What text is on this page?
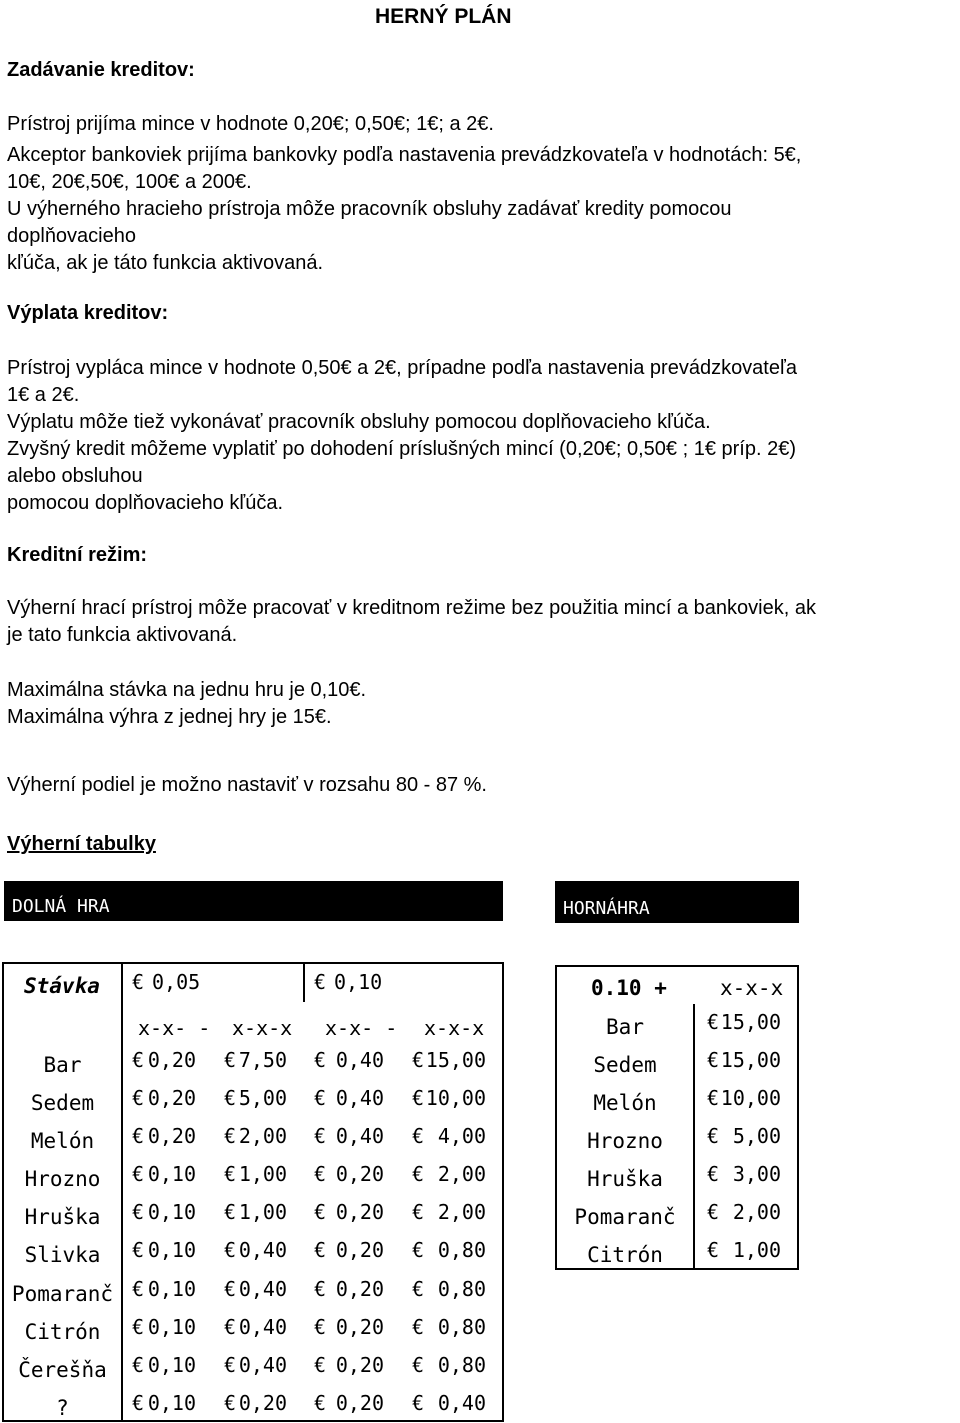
HERNÝ PLÁN
Zadávanie kreditov:
Prístroj prijíma mince v hodnote 0,20€; 0,50€; 1€; a 2€.
Akceptor bankoviek prijíma bankovky podľa nastavenia prevádzkovateľa v hodnotách: 5€,
10€, 20€,50€, 100€ a 200€.
U výherného hracieho prístroja môže pracovník obsluhy zadávať kredity pomocou
doplňovacieho
kľúča, ak je táto funkcia aktivovaná.
Výplata kreditov:
Prístroj vypláca mince v hodnote 0,50€ a 2€, prípadne podľa nastavenia prevádzkovateľa
1€ a 2€.
Výplatu môže tiež vykonávať pracovník obsluhy pomocou doplňovacieho kľúča.
Zvyšný kredit môžeme vyplatiť po dohodení príslušných mincí (0,20€; 0,50€ ; 1€ príp. 2€)
alebo obsluhou
pomocou doplňovacieho kľúča.
Kreditní režim:
Výherní hrací prístroj môže pracovať v kreditnom režime bez použitia mincí a bankoviek, ak
je tato funkcia aktivovaná.
Maximálna stávka na jednu hru je 0,10€.
Maximálna výhra z jednej hry je 15€.
Výherní podiel je možno nastaviť v rozsahu 80 - 87 %.
Výherní tabulky
DOLNÁ HRA	HORNÁHRA
Stávka € 0,05	€ 0,10
x-x- - x-x-x x-x- - x-x-x
Bar	€ 0,20 € 7,50 € 0,40 € 15,00
Sedem	€ 0,20 € 5,00 € 0,40 € 10,00
Melón	€ 0,20 € 2,00 € 0,40 € 4,00
Hrozno	€ 0,10 € 1,00 € 0,20 € 2,00
Hruška	€ 0,10 € 1,00 € 0,20 € 2,00
Slivka	€ 0,10 € 0,40 € 0,20 € 0,80
Pomaranč € 0,10 € 0,40 € 0,20 € 0,80
Citrón	€ 0,10 € 0,40 € 0,20 € 0,80
Čerešňa	€ 0,10 € 0,40 € 0,20 € 0,80
?	€ 0,10 € 0,20 € 0,20 € 0,40
0.10 +	x-x-x
Bar	€ 15,00
Sedem	€ 15,00
Melón	€ 10,00
Hrozno	€ 5,00
Hruška	€ 3,00
Pomaranč	€ 2,00
Citrón	€ 1,00
